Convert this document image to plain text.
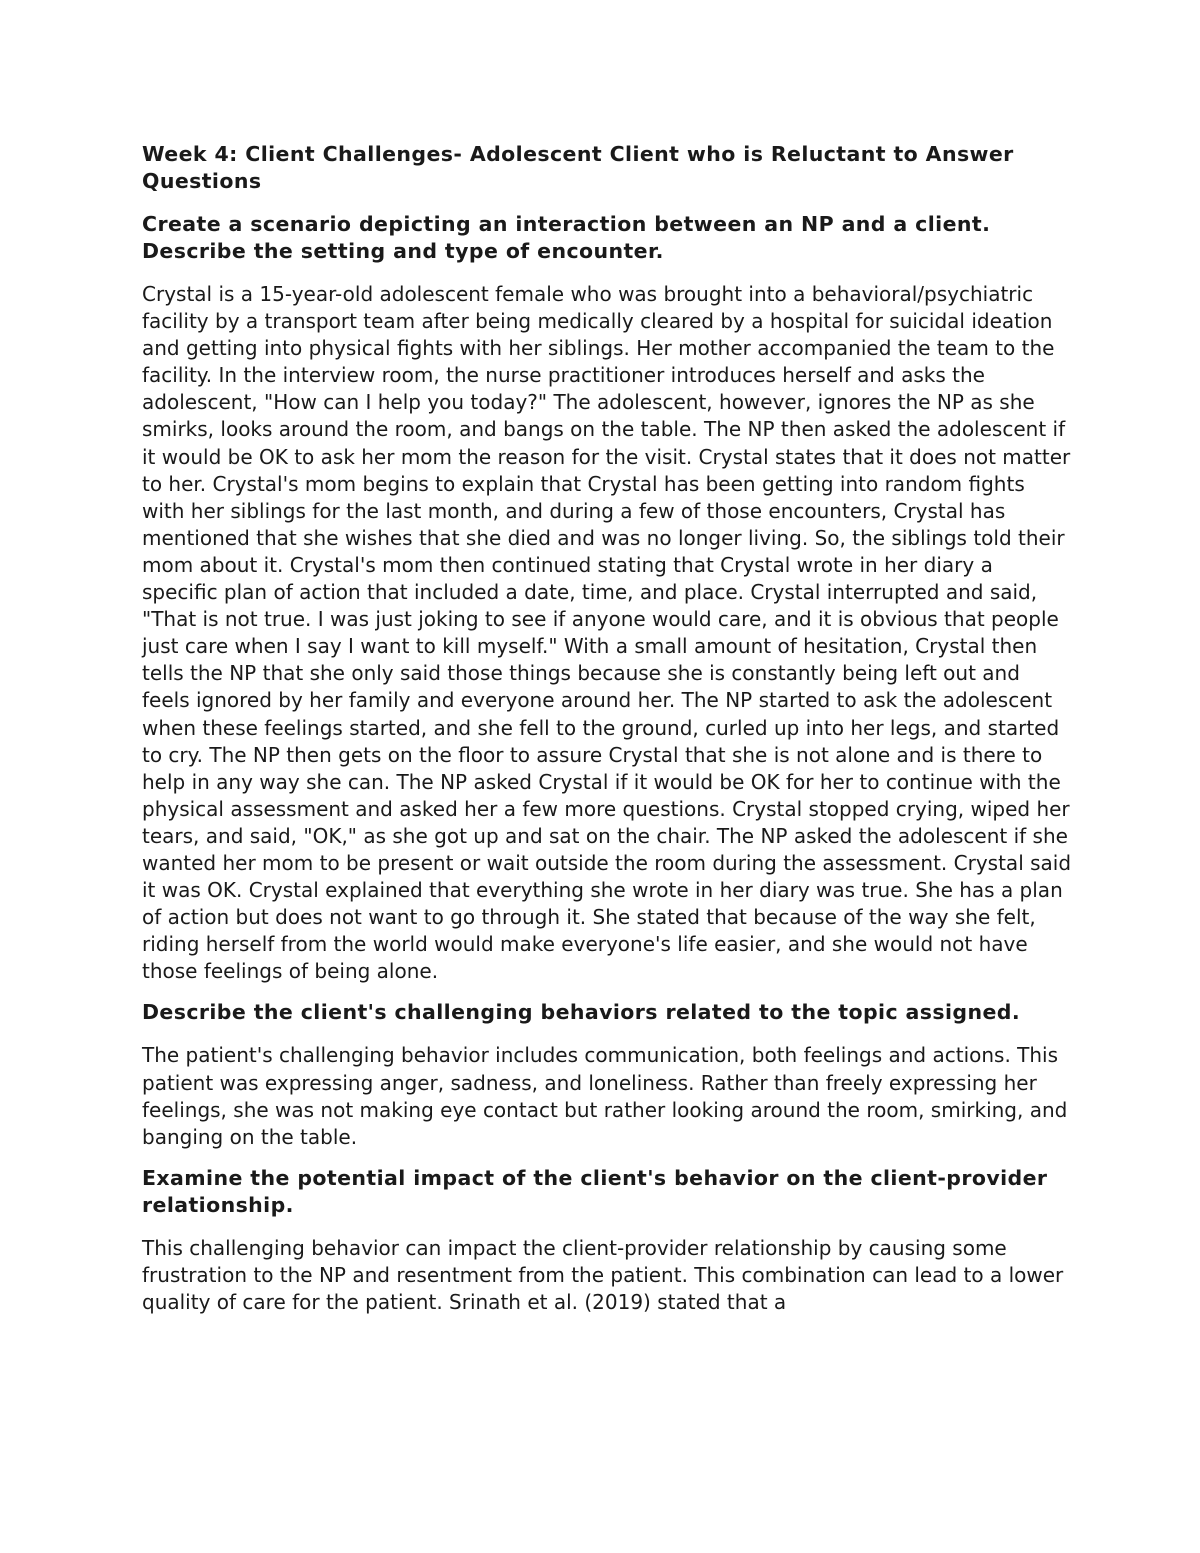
Week 4: Client Challenges- Adolescent Client who is Reluctant to Answer Questions
Create a scenario depicting an interaction between an NP and a client. Describe the setting and type of encounter.
Crystal is a 15-year-old adolescent female who was brought into a behavioral/psychiatric facility by a transport team after being medically cleared by a hospital for suicidal ideation and getting into physical fights with her siblings. Her mother accompanied the team to the facility. In the interview room, the nurse practitioner introduces herself and asks the adolescent, "How can I help you today?" The adolescent, however, ignores the NP as she smirks, looks around the room, and bangs on the table. The NP then asked the adolescent if it would be OK to ask her mom the reason for the visit. Crystal states that it does not matter to her. Crystal's mom begins to explain that Crystal has been getting into random fights with her siblings for the last month, and during a few of those encounters, Crystal has mentioned that she wishes that she died and was no longer living. So, the siblings told their mom about it. Crystal's mom then continued stating that Crystal wrote in her diary a specific plan of action that included a date, time, and place. Crystal interrupted and said, "That is not true. I was just joking to see if anyone would care, and it is obvious that people just care when I say I want to kill myself." With a small amount of hesitation, Crystal then tells the NP that she only said those things because she is constantly being left out and feels ignored by her family and everyone around her. The NP started to ask the adolescent when these feelings started, and she fell to the ground, curled up into her legs, and started to cry. The NP then gets on the floor to assure Crystal that she is not alone and is there to help in any way she can. The NP asked Crystal if it would be OK for her to continue with the physical assessment and asked her a few more questions. Crystal stopped crying, wiped her tears, and said, "OK," as she got up and sat on the chair. The NP asked the adolescent if she wanted her mom to be present or wait outside the room during the assessment. Crystal said it was OK. Crystal explained that everything she wrote in her diary was true. She has a plan of action but does not want to go through it. She stated that because of the way she felt, riding herself from the world would make everyone's life easier, and she would not have those feelings of being alone.
Describe the client's challenging behaviors related to the topic assigned.
The patient's challenging behavior includes communication, both feelings and actions. This patient was expressing anger, sadness, and loneliness. Rather than freely expressing her feelings, she was not making eye contact but rather looking around the room, smirking, and banging on the table.
Examine the potential impact of the client's behavior on the client-provider relationship.
This challenging behavior can impact the client-provider relationship by causing some frustration to the NP and resentment from the patient. This combination can lead to a lower quality of care for the patient. Srinath et al. (2019) stated that a
